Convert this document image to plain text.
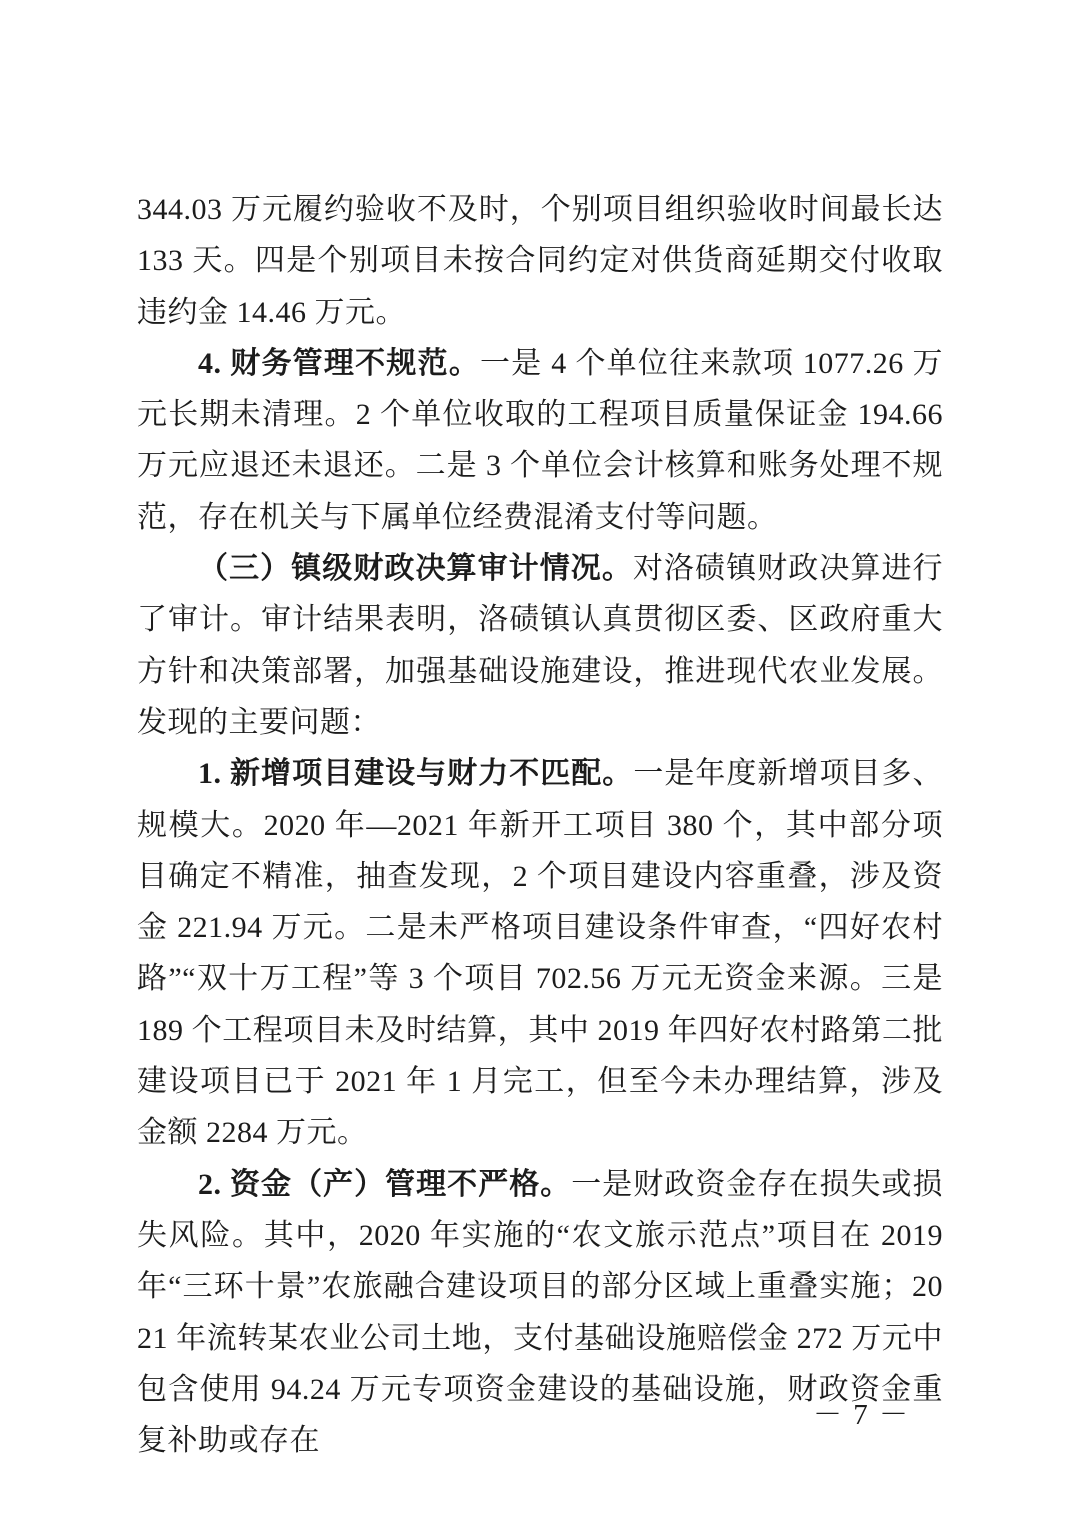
344.03 万元履约验收不及时，个别项目组织验收时间最长达 133 天。四是个别项目未按合同约定对供货商延期交付收取违约金 14.46 万元。
4. 财务管理不规范。一是 4 个单位往来款项 1077.26 万元长期未清理。2 个单位收取的工程项目质量保证金 194.66 万元应退还未退还。二是 3 个单位会计核算和账务处理不规范，存在机关与下属单位经费混淆支付等问题。
（三）镇级财政决算审计情况。对洛碛镇财政决算进行了审计。审计结果表明，洛碛镇认真贯彻区委、区政府重大方针和决策部署，加强基础设施建设，推进现代农业发展。发现的主要问题：
1. 新增项目建设与财力不匹配。一是年度新增项目多、规模大。2020 年—2021 年新开工项目 380 个，其中部分项目确定不精准，抽查发现，2 个项目建设内容重叠，涉及资金 221.94 万元。二是未严格项目建设条件审查，“四好农村路”“双十万工程”等 3 个项目 702.56 万元无资金来源。三是 189 个工程项目未及时结算，其中 2019 年四好农村路第二批建设项目已于 2021 年 1 月完工，但至今未办理结算，涉及金额 2284 万元。
2. 资金（产）管理不严格。一是财政资金存在损失或损失风险。其中，2020 年实施的“农文旅示范点”项目在 2019 年“三环十景”农旅融合建设项目的部分区域上重叠实施；2021 年流转某农业公司土地，支付基础设施赔偿金 272 万元中包含使用 94.24 万元专项资金建设的基础设施，财政资金重复补助或存在
－ 7 －
